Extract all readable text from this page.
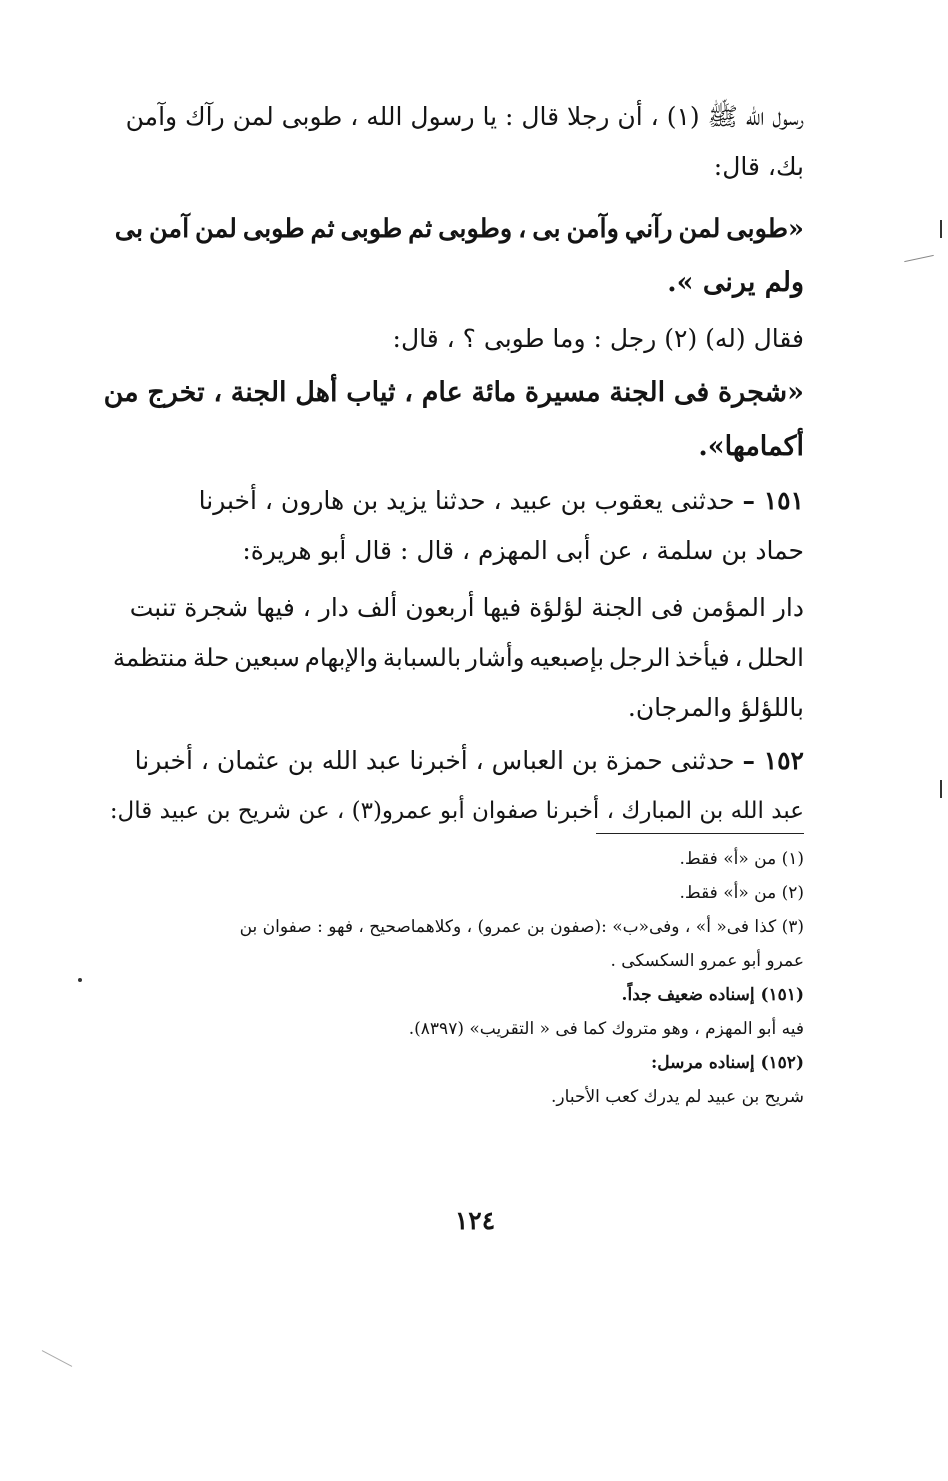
رسول الله ﷺ (١) ، أن رجلا قال : يا رسول الله ، طوبى لمن رآك وآمن
بك، قال:
«طوبى لمن رآني وآمن بى ، وطوبى ثم طوبى ثم طوبى لمن آمن بى
ولم يرنى ».
فقال (له) (٢) رجل : وما طوبى ؟ ، قال:
«شجرة فى الجنة مسيرة مائة عام ، ثياب أهل الجنة ، تخرج من
أكمامها».
١٥١ – حدثنى يعقوب بن عبيد ، حدثنا يزيد بن هارون ، أخبرنا
حماد بن سلمة ، عن أبى المهزم ، قال : قال أبو هريرة:
دار المؤمن فى الجنة لؤلؤة فيها أربعون ألف دار ، فيها شجرة تنبت
الحلل ، فيأخذ الرجل بإصبعيه وأشار بالسبابة والإبهام سبعين حلة منتظمة
باللؤلؤ والمرجان.
١٥٢ – حدثنى حمزة بن العباس ، أخبرنا عبد الله بن عثمان ، أخبرنا
عبد الله بن المبارك ، أخبرنا صفوان أبو عمرو(٣) ، عن شريح بن عبيد قال:
(١) من «أ» فقط.
(٢) من «أ» فقط.
(٣) كذا فى« أ» ، وفى«ب» :(صفون بن عمرو) ، وكلاهماصحيح ، فهو : صفوان بن
عمرو أبو عمرو السكسكى .
(١٥١) إسناده ضعيف جداً.
فيه أبو المهزم ، وهو متروك كما فى « التقريب» (٨٣٩٧).
(١٥٢) إسناده مرسل:
شريح بن عبيد لم يدرك كعب الأحبار.
١٢٤
